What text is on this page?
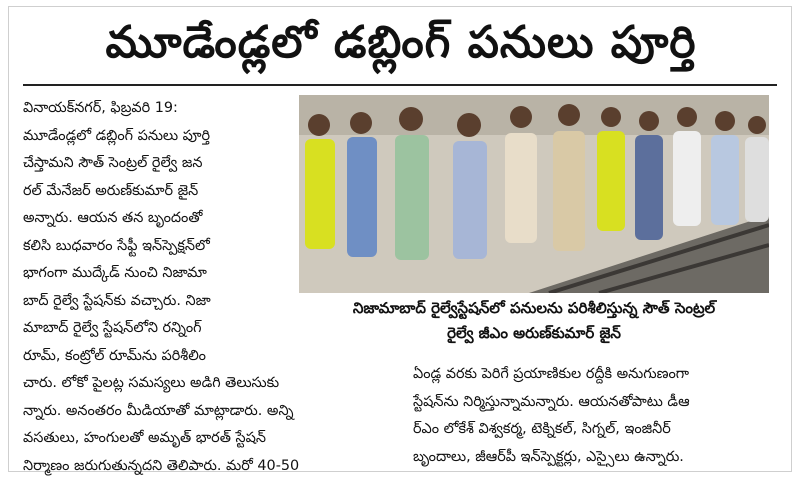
మూడేండ్లలో డబ్లింగ్ పనులు పూర్తి

వినాయక్‌నగర్, ఫిబ్రవరి 19:

మూడేండ్లలో డబ్లింగ్ పనులు పూర్తి

చేస్తామని సౌత్ సెంట్రల్ రైల్వే జన

రల్ మేనేజర్ అరుణ్‌కుమార్ జైన్

అన్నారు. ఆయన తన బృందంతో

కలిసి బుధవారం సేఫ్టీ ఇన్‌స్పెక్షన్‌లో

భాగంగా ముద్కేడ్ నుంచి నిజామా

బాద్ రైల్వే స్టేషన్‌కు వచ్చారు. నిజా

మాబాద్ రైల్వే స్టేషన్‌లోని రన్నింగ్

రూమ్, కంట్రోల్ రూమ్‌ను పరిశీలిం

చారు. లోకో పైలట్ల సమస్యలు అడిగి తెలుసుకు

న్నారు. అనంతరం మీడియాతో మాట్లాడారు. అన్ని

వసతులు, హంగులతో అమృత్ భారత్ స్టేషన్

నిర్మాణం జరుగుతున్నదని తెలిపారు. మరో 40-50

నిజామాబాద్ రైల్వేస్టేషన్‌లో పనులను పరిశీలిస్తున్న సౌత్ సెంట్రల్
రైల్వే జీఎం అరుణ్‌కుమార్ జైన్

ఏండ్ల వరకు పెరిగే ప్రయాణికుల రద్దీకి అనుగుణంగా

స్టేషన్‌ను నిర్మిస్తున్నామన్నారు. ఆయనతోపాటు డీఆ

ర్‌ఎం లోకేశ్ విశ్వకర్మ, టెక్నికల్, సిగ్నల్, ఇంజినీర్

బృందాలు, జీఆర్‌పీ ఇన్‌స్పెక్టర్లు, ఎస్సైలు ఉన్నారు.
